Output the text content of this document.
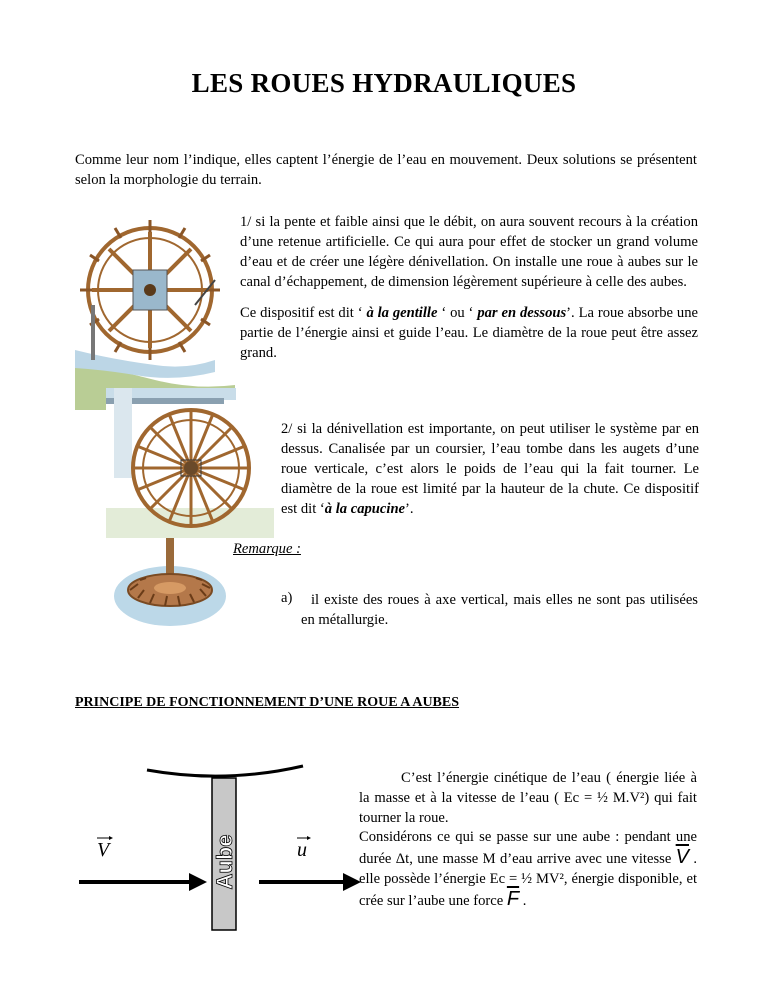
LES ROUES HYDRAULIQUES
Comme leur nom l’indique, elles captent l’énergie de l’eau en mouvement. Deux solutions se présentent selon la morphologie du terrain.
1/ si la pente et faible ainsi que le débit, on aura souvent recours à la création d’une retenue artificielle. Ce qui aura pour effet de stocker un grand volume d’eau et de créer une légère dénivellation. On installe une roue à aubes sur le canal d’échappement, de dimension légèrement supérieure à celle des aubes.
Ce dispositif est dit ‘ à la gentille ‘ ou ‘ par en dessous’. La roue absorbe une partie de l’énergie ainsi et guide l’eau. Le diamètre de la roue peut être assez grand.
2/ si la dénivellation est importante, on peut utiliser le système par en dessus. Canalisée par un coursier, l’eau tombe dans les augets d’une roue verticale, c’est alors le poids de l’eau qui la fait tourner. Le diamètre de la roue est limité par la hauteur de la chute. Ce dispositif est dit ‘à la capucine’.
Remarque :
a)	il existe des roues à axe vertical, mais elles ne sont pas utilisées en métallurgie.
PRINCIPE DE FONCTIONNEMENT D’UNE ROUE A AUBES
Aube
V	u
C’est l’énergie cinétique de l’eau ( énergie liée à la masse et à la vitesse de l’eau ( Ec = ½ M.V²) qui fait tourner la roue.
Considérons ce qui se passe sur une aube : pendant une durée Δt, une masse M d’eau arrive avec une vitesse $\overline{V}$ . elle possède l’énergie Ec = ½ MV², énergie disponible, et crée sur l’aube une force $\overline{F}$ .
